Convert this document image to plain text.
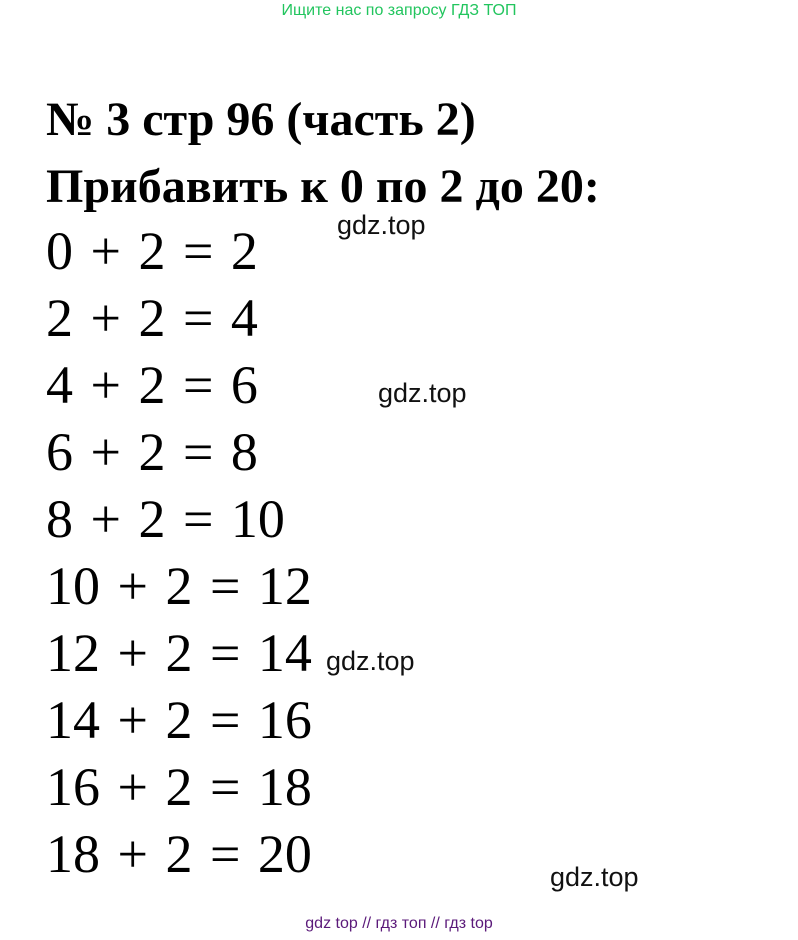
Ищите нас по запросу ГДЗ ТОП
№ 3 стр 96 (часть 2)
Прибавить к 0 по 2 до 20:
0 + 2 = 2
2 + 2 = 4
4 + 2 = 6
6 + 2 = 8
8 + 2 = 10
10 + 2 = 12
12 + 2 = 14
14 + 2 = 16
16 + 2 = 18
18 + 2 = 20
gdz.top
gdz.top
gdz.top
gdz.top
gdz top // гдз топ // гдз top
